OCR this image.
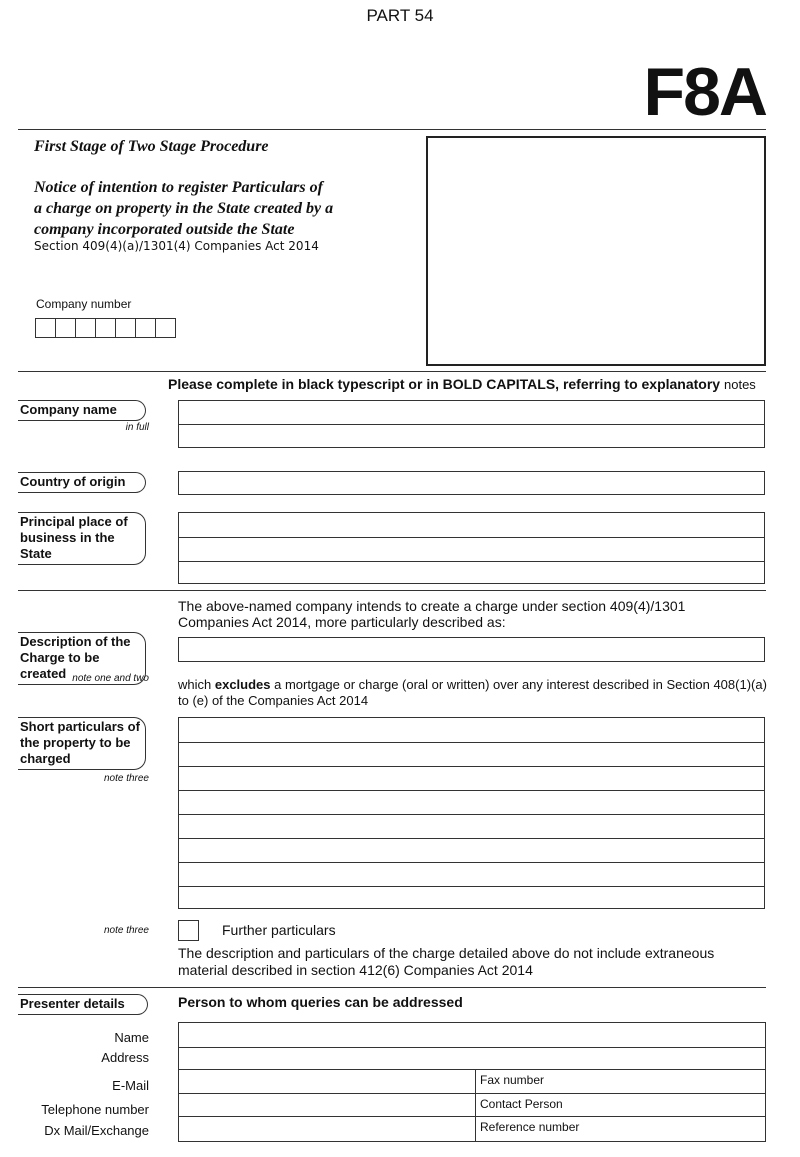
PART 54
F8A
First Stage of Two Stage Procedure
Notice of intention to register Particulars of
a charge on property in the State created by a
company incorporated outside the State
Section 409(4)(a)/1301(4) Companies Act 2014
Company number
Please complete in black typescript or in BOLD CAPITALS, referring to explanatory notes
Company name
in full
Country of origin
Principal place of
business in the State
The above-named company intends to create a charge under section 409(4)/1301
Companies Act 2014, more particularly described as:
Description of the
Charge to be created note one and two which excludes a mortgage or charge (oral or written) over any interest described in Section 408(1)(a)
to (e) of the Companies Act 2014
Short particulars of
the property to be
charged
note three
note three	Further particulars
The description and particulars of the charge detailed above do not include extraneous
material described in section 412(6) Companies Act 2014
Presenter details	Person to whom queries can be addressed
Name
Address
E-Mail
Telephone number
Dx Mail/Exchange
Fax number
Contact Person
Reference number
